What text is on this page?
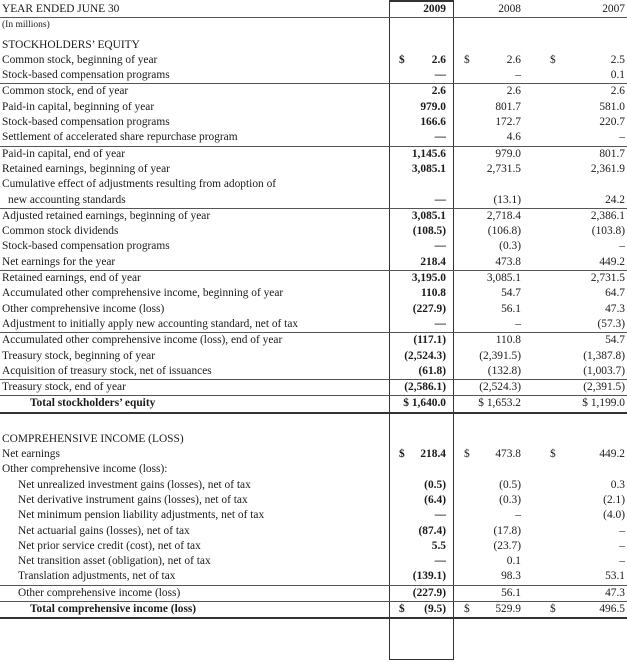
YEAR ENDED JUNE 30	2009	2008	2007
(In millions)			
STOCKHOLDERS’ EQUITY			
Common stock, beginning of year	$ 2.6	$ 2.6	$ 2.5
Stock-based compensation programs	—	–	0.1
Common stock, end of year	2.6	2.6	2.6
Paid-in capital, beginning of year	979.0	801.7	581.0
Stock-based compensation programs	166.6	172.7	220.7
Settlement of accelerated share repurchase program	—	4.6	–
Paid-in capital, end of year	1,145.6	979.0	801.7
Retained earnings, beginning of year	3,085.1	2,731.5	2,361.9
Cumulative effect of adjustments resulting from adoption of			
new accounting standards	—	(13.1)	24.2
Adjusted retained earnings, beginning of year	3,085.1	2,718.4	2,386.1
Common stock dividends	(108.5)	(106.8)	(103.8)
Stock-based compensation programs	—	(0.3)	–
Net earnings for the year	218.4	473.8	449.2
Retained earnings, end of year	3,195.0	3,085.1	2,731.5
Accumulated other comprehensive income, beginning of year	110.8	54.7	64.7
Other comprehensive income (loss)	(227.9)	56.1	47.3
Adjustment to initially apply new accounting standard, net of tax	—	–	(57.3)
Accumulated other comprehensive income (loss), end of year	(117.1)	110.8	54.7
Treasury stock, beginning of year	(2,524.3)	(2,391.5)	(1,387.8)
Acquisition of treasury stock, net of issuances	(61.8)	(132.8)	(1,003.7)
Treasury stock, end of year	(2,586.1)	(2,524.3)	(2,391.5)
Total stockholders’ equity	$ 1,640.0	$ 1,653.2	$ 1,199.0

COMPREHENSIVE INCOME (LOSS)			
Net earnings	$ 218.4	$ 473.8	$ 449.2
Other comprehensive income (loss):			
Net unrealized investment gains (losses), net of tax	(0.5)	(0.5)	0.3
Net derivative instrument gains (losses), net of tax	(6.4)	(0.3)	(2.1)
Net minimum pension liability adjustments, net of tax	—	–	(4.0)
Net actuarial gains (losses), net of tax	(87.4)	(17.8)	–
Net prior service credit (cost), net of tax	5.5	(23.7)	–
Net transition asset (obligation), net of tax	—	0.1	–
Translation adjustments, net of tax	(139.1)	98.3	53.1
Other comprehensive income (loss)	(227.9)	56.1	47.3
Total comprehensive income (loss)	$ (9.5)	$ 529.9	$ 496.5
